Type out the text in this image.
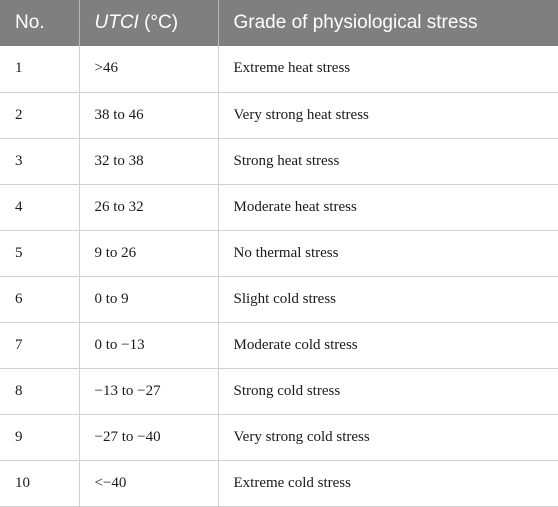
No.	UTCI (°C)	Grade of physiological stress
1	>46	Extreme heat stress
2	38 to 46	Very strong heat stress
3	32 to 38	Strong heat stress
4	26 to 32	Moderate heat stress
5	9 to 26	No thermal stress
6	0 to 9	Slight cold stress
7	0 to −13	Moderate cold stress
8	−13 to −27	Strong cold stress
9	−27 to −40	Very strong cold stress
10	<−40	Extreme cold stress
